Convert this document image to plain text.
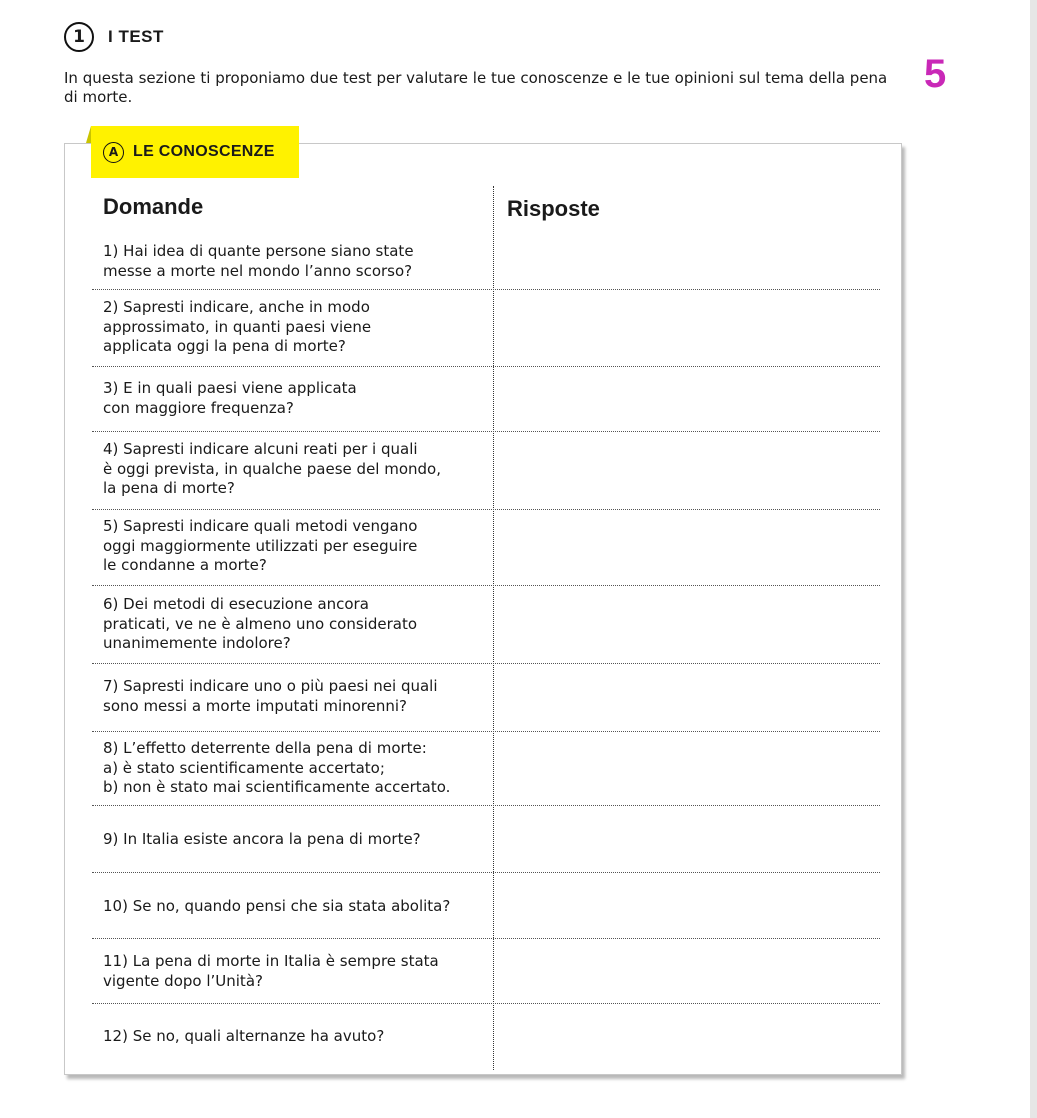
1	I TEST
In questa sezione ti proponiamo due test per valutare le tue conoscenze e le tue opinioni sul tema della pena di morte.
5
A LE CONOSCENZE
Domande	Risposte
1) Hai idea di quante persone siano state
messe a morte nel mondo l’anno scorso?
2) Sapresti indicare, anche in modo
approssimato, in quanti paesi viene
applicata oggi la pena di morte?
3) E in quali paesi viene applicata
con maggiore frequenza?
4) Sapresti indicare alcuni reati per i quali
è oggi prevista, in qualche paese del mondo,
la pena di morte?
5) Sapresti indicare quali metodi vengano
oggi maggiormente utilizzati per eseguire
le condanne a morte?
6) Dei metodi di esecuzione ancora
praticati, ve ne è almeno uno considerato
unanimemente indolore?
7) Sapresti indicare uno o più paesi nei quali
sono messi a morte imputati minorenni?
8) L’effetto deterrente della pena di morte:
a) è stato scientificamente accertato;
b) non è stato mai scientificamente accertato.
9) In Italia esiste ancora la pena di morte?
10) Se no, quando pensi che sia stata abolita?
11) La pena di morte in Italia è sempre stata
vigente dopo l’Unità?
12) Se no, quali alternanze ha avuto?
